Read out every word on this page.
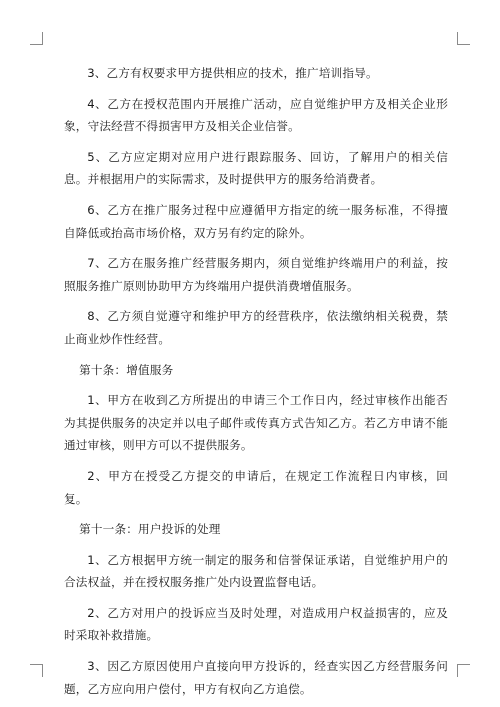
3、乙方有权要求甲方提供相应的技术，推广培训指导。

4、乙方在授权范围内开展推广活动，应自觉维护甲方及相关企业形象，守法经营不得损害甲方及相关企业信誉。

5、乙方应定期对应用户进行跟踪服务、回访，了解用户的相关信息。并根据用户的实际需求，及时提供甲方的服务给消费者。

6、乙方在推广服务过程中应遵循甲方指定的统一服务标准，不得擅自降低或抬高市场价格，双方另有约定的除外。

7、乙方在服务推广经营服务期内，须自觉维护终端用户的利益，按照服务推广原则协助甲方为终端用户提供消费增值服务。

8、乙方须自觉遵守和维护甲方的经营秩序，依法缴纳相关税费，禁止商业炒作性经营。

第十条：增值服务

1、甲方在收到乙方所提出的申请三个工作日内，经过审核作出能否为其提供服务的决定并以电子邮件或传真方式告知乙方。若乙方申请不能通过审核，则甲方可以不提供服务。

2、甲方在授受乙方提交的申请后，在规定工作流程日内审核，回复。

第十一条：用户投诉的处理

1、乙方根据甲方统一制定的服务和信誉保证承诺，自觉维护用户的合法权益，并在授权服务推广处内设置监督电话。

2、乙方对用户的投诉应当及时处理，对造成用户权益损害的，应及时采取补救措施。

3、因乙方原因使用户直接向甲方投诉的，经查实因乙方经营服务问题，乙方应向用户偿付，甲方有权向乙方追偿。
